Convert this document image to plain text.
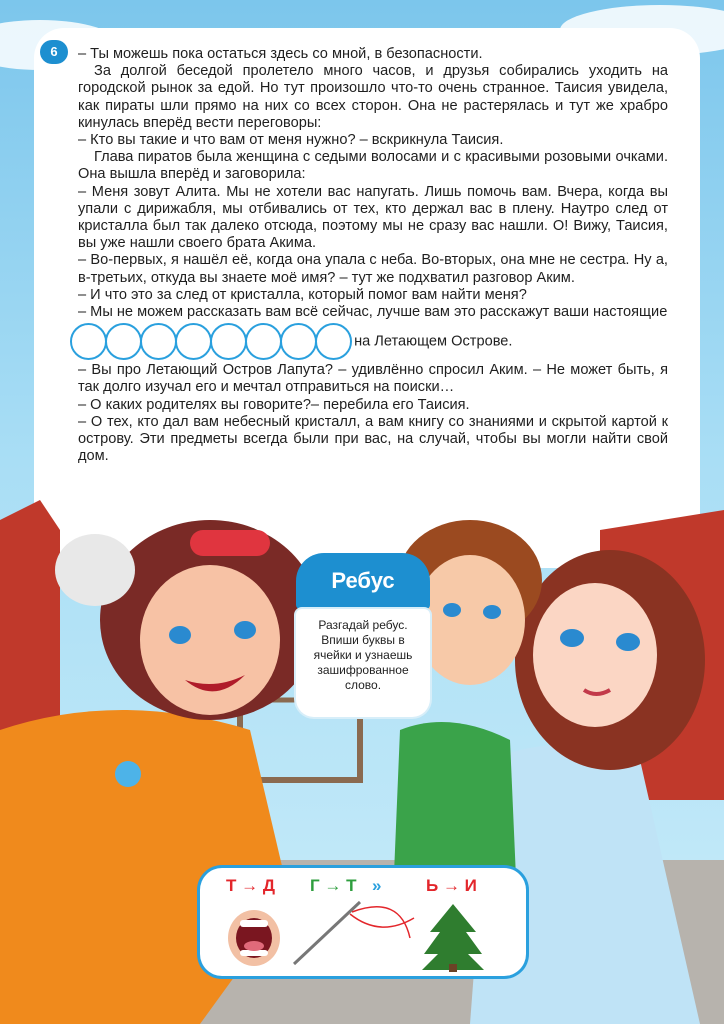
6	– Ты можешь пока остаться здесь со мной, в безопасности.

За долгой беседой пролетело много часов, и друзья собирались уходить на городской рынок за едой. Но тут произошло что-то очень странное. Таисия увидела, как пираты шли прямо на них со всех сторон. Она не растерялась и тут же храбро кинулась вперёд вести переговоры:

– Кто вы такие и что вам от меня нужно? – вскрикнула Таисия.

Глава пиратов была женщина с седыми волосами и с красивыми розовыми очками. Она вышла вперёд и заговорила:

– Меня зовут Алита. Мы не хотели вас напугать. Лишь помочь вам. Вчера, когда вы упали с дирижабля, мы отбивались от тех, кто держал вас в плену. Наутро след от кристалла был так далеко отсюда, поэтому мы не сразу вас нашли. О! Вижу, Таисия, вы уже нашли своего брата Акима.

– Во-первых, я нашёл её, когда она упала с неба. Во-вторых, она мне не сестра. Ну а, в-третьих, откуда вы знаете моё имя? – тут же подхватил разговор Аким.

– И что это за след от кристалла, который помог вам найти меня?

– Мы не можем рассказать вам всё сейчас, лучше вам это расскажут ваши настоящие

на Летающем Острове.

– Вы про Летающий Остров Лапута? – удивлённо спросил Аким. – Не может быть, я так долго изучал его и мечтал отправиться на поиски…

– О каких родителях вы говорите?– перебила его Таисия.

– О тех, кто дал вам небесный кристалл, а вам книгу со знаниями и скрытой картой к острову. Эти предметы всегда были при вас, на случай, чтобы вы могли найти свой дом.

Ребус
Разгадай ребус. Впиши буквы в ячейки и узнаешь зашифрованное слово.
Т → Д Г → Т »	Ь → И
